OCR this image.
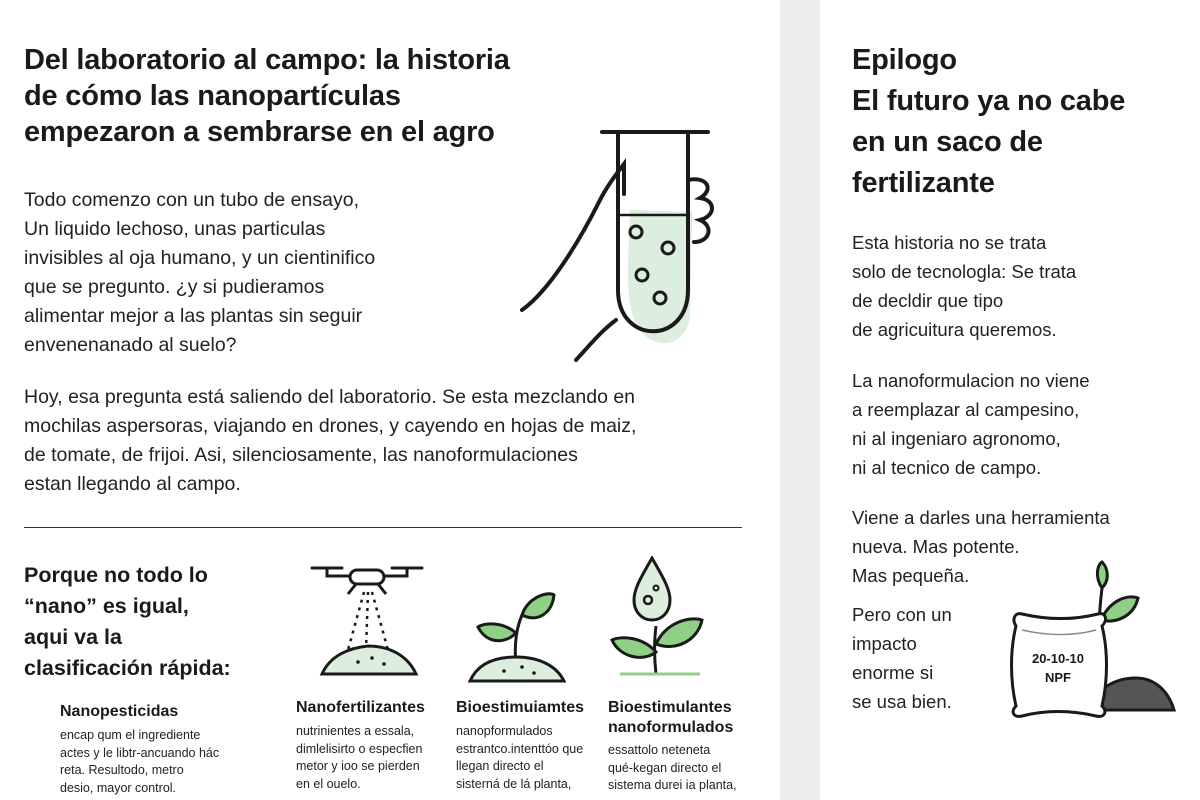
Del laboratorio al campo: la historia
de cómo las nanopartículas
empezaron a sembrarse en el agro

Todo comenzo con un tubo de ensayo,
Un liquido lechoso, unas particulas
invisibles al oja humano, y un cientinifico
que se pregunto. ¿y si pudieramos
alimentar mejor a las plantas sin seguir
envenenanado al suelo?

Hoy, esa pregunta está saliendo del laboratorio. Se esta mezclando en
mochilas aspersoras, viajando en drones, y cayendo en hojas de maiz,
de tomate, de frijoi. Asi, silenciosamente, las nanoformulaciones
estan llegando al campo.

Porque no todo lo
“nano” es igual,
aqui va la
clasificación rápida:

Nanopesticidas	Nanofertilizantes Bioestimuiamtes Bioestimulantes
nanoformulados

encap qum el ingrediente
actes y le libtr-ancuando hác
reta. Resultodo, metro
desio, mayor control.

nutrinientes a essala,
dimlelisirto o especfien
metor y ioo se pierden
en el ouelo.

nanopformulados
estrantco.intenttóo que
llegan directo el
sisterná de lá planta,

essattolo neteneta
qué-kegan directo el
sistema durei ia planta,

Epilogo
El futuro ya no cabe
en un saco de
fertilizante

Esta historia no se trata
solo de tecnologla: Se trata
de decldir que tipo
de agricuitura queremos.

La nanoformulacion no viene
a reemplazar al campesino,
ni al ingeniaro agronomo,
ni al tecnico de campo.

Viene a darles una herramienta
nueva. Mas potente.
Mas pequeña.

Pero con un
impacto
enorme si
se usa bien.

20-10-10
NPF
